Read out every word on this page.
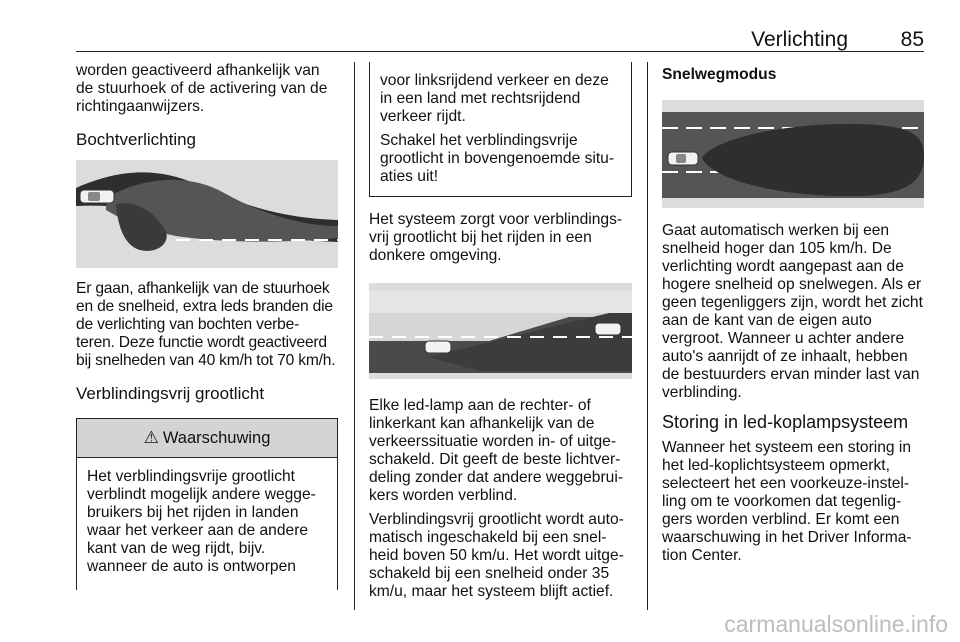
Verlichting	85

worden geactiveerd afhankelijk van de stuurhoek of de activering van de richtingaanwijzers.

Bochtverlichting

Er gaan, afhankelijk van de stuurhoek en de snelheid, extra leds branden die de verlichting van bochten verbe- teren. Deze functie wordt geactiveerd bij snelheden van 40 km/h tot 70 km/h.

Verblindingsvrij grootlicht
⚠ Waarschuwing

Het verblindingsvrije grootlicht verblindt mogelijk andere wegge- bruikers bij het rijden in landen waar het verkeer aan de andere kant van de weg rijdt, bijv. wanneer de auto is ontworpen

voor linksrijdend verkeer en deze in een land met rechtsrijdend verkeer rijdt.

Schakel het verblindingsvrije grootlicht in bovengenoemde situ- aties uit!

Het systeem zorgt voor verblindings- vrij grootlicht bij het rijden in een donkere omgeving.

Elke led-lamp aan de rechter- of linkerkant kan afhankelijk van de verkeerssituatie worden in- of uitge- schakeld. Dit geeft de beste lichtver- deling zonder dat andere weggebrui- kers worden verblind.

Verblindingsvrij grootlicht wordt auto- matisch ingeschakeld bij een snel- heid boven 50 km/u. Het wordt uitge- schakeld bij een snelheid onder 35 km/u, maar het systeem blijft actief.

Snelwegmodus

Gaat automatisch werken bij een snelheid hoger dan 105 km/h. De verlichting wordt aangepast aan de hogere snelheid op snelwegen. Als er geen tegenliggers zijn, wordt het zicht aan de kant van de eigen auto vergroot. Wanneer u achter andere auto's aanrijdt of ze inhaalt, hebben de bestuurders ervan minder last van verblinding.

Storing in led-koplampsysteem

Wanneer het systeem een storing in het led-koplichtsysteem opmerkt, selecteert het een voorkeuze-instel- ling om te voorkomen dat tegenlig- gers worden verblind. Er komt een waarschuwing in het Driver Informa- tion Center.

carmanualsonline.info
